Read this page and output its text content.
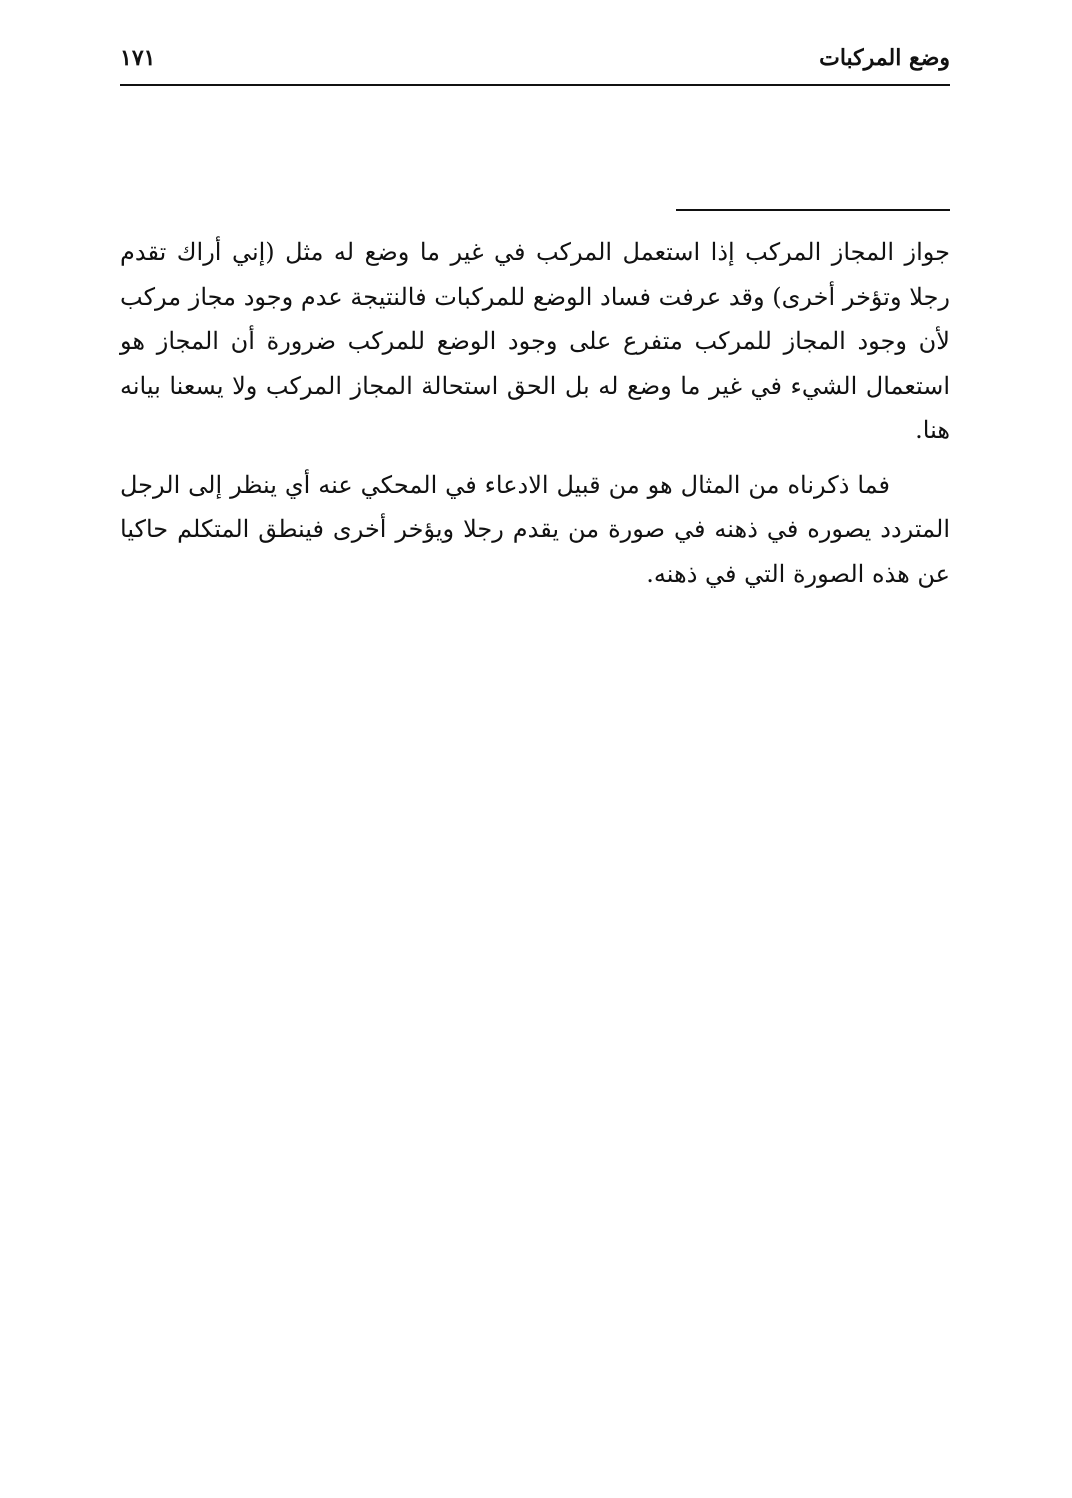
وضع المركبات
١٧١

جواز المجاز المركب إذا استعمل المركب في غير ما وضع له مثل (إني أراك تقدم رجلا وتؤخر أخرى) وقد عرفت فساد الوضع للمركبات فالنتيجة عدم وجود مجاز مركب لأن وجود المجاز للمركب متفرع على وجود الوضع للمركب ضرورة أن المجاز هو استعمال الشيء في غير ما وضع له بل الحق استحالة المجاز المركب ولا يسعنا بيانه هنا.

فما ذكرناه من المثال هو من قبيل الادعاء في المحكي عنه أي ينظر إلى الرجل المتردد يصوره في ذهنه في صورة من يقدم رجلا ويؤخر أخرى فينطق المتكلم حاكيا عن هذه الصورة التي في ذهنه.
